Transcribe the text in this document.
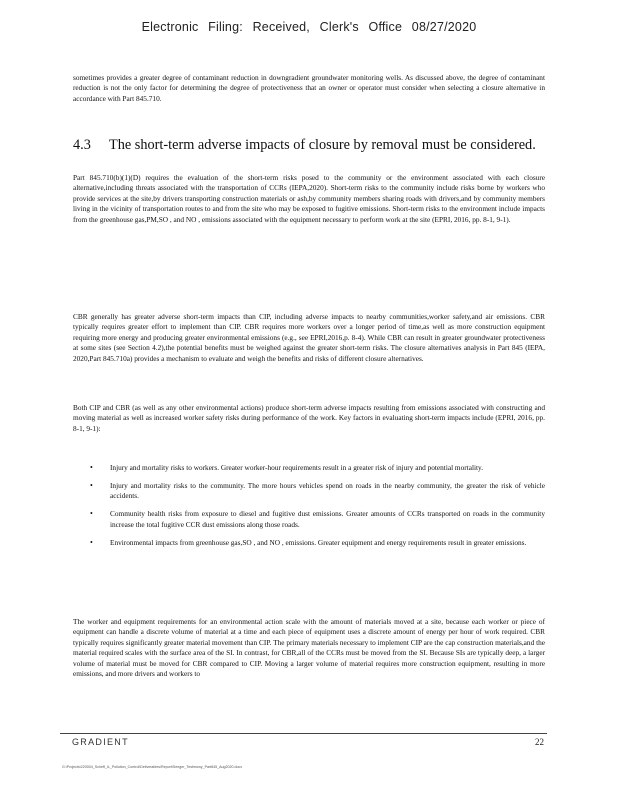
Electronic Filing: Received, Clerk's Office 08/27/2020

sometimes provides a greater degree of contaminant reduction in downgradient groundwater monitoring wells. As discussed above, the degree of contaminant reduction is not the only factor for determining the degree of protectiveness that an owner or operator must consider when selecting a closure alternative in accordance with Part 845.710.

4.3 The short-term adverse impacts of closure by removal must be considered.

Part 845.710(b)(1)(D) requires the evaluation of the short-term risks posed to the community or the environment associated with each closure alternative,including threats associated with the transportation of CCRs (IEPA,2020). Short-term risks to the community include risks borne by workers who provide services at the site,by drivers transporting construction materials or ash,by community members sharing roads with drivers,and by community members living in the vicinity of transportation routes to and from the site who may be exposed to fugitive emissions. Short-term risks to the environment include impacts from the greenhouse gas,PM,SO , and NO , emissions associated with the equipment necessary to perform work at the site (EPRI, 2016, pp. 8-1, 9-1).

CBR generally has greater adverse short-term impacts than CIP, including adverse impacts to nearby communities,worker safety,and air emissions. CBR typically requires greater effort to implement than CIP. CBR requires more workers over a longer period of time,as well as more construction equipment requiring more energy and producing greater environmental emissions (e.g., see EPRI,2016,p. 8-4). While CBR can result in greater groundwater protectiveness at some sites (see Section 4.2),the potential benefits must be weighed against the greater short-term risks. The closure alternatives analysis in Part 845 (IEPA, 2020,Part 845.710a) provides a mechanism to evaluate and weigh the benefits and risks of different closure alternatives.

Both CIP and CBR (as well as any other environmental actions) produce short-term adverse impacts resulting from emissions associated with constructing and moving material as well as increased worker safety risks during performance of the work. Key factors in evaluating short-term impacts include (EPRI, 2016, pp. 8-1, 9-1):

• Injury and mortality risks to workers. Greater worker-hour requirements result in a greater risk of injury and potential mortality.
• Injury and mortality risks to the community. The more hours vehicles spend on roads in the nearby community, the greater the risk of vehicle accidents.
• Community health risks from exposure to diesel and fugitive dust emissions. Greater amounts of CCRs transported on roads in the community increase the total fugitive CCR dust emissions along those roads.
• Environmental impacts from greenhouse gas,SO , and NO , emissions. Greater equipment and energy requirements result in greater emissions.

The worker and equipment requirements for an environmental action scale with the amount of materials moved at a site, because each worker or piece of equipment can handle a discrete volume of material at a time and each piece of equipment uses a discrete amount of energy per hour of work required. CBR typically requires significantly greater material movement than CIP. The primary materials necessary to implement CIP are the cap construction materials,and the material required scales with the surface area of the SI. In contrast, for CBR,all of the CCRs must be moved from the SI. Because SIs are typically deep, a larger volume of material must be moved for CBR compared to CIP. Moving a larger volume of material requires more construction equipment, resulting in more emissions, and more drivers and workers to

GRADIENT	22
G:\Projects\220004_Scheff_IL_Pollution_Control\Deliverables\Report\Seeger_Testimony_Part845_Aug2020.docx
